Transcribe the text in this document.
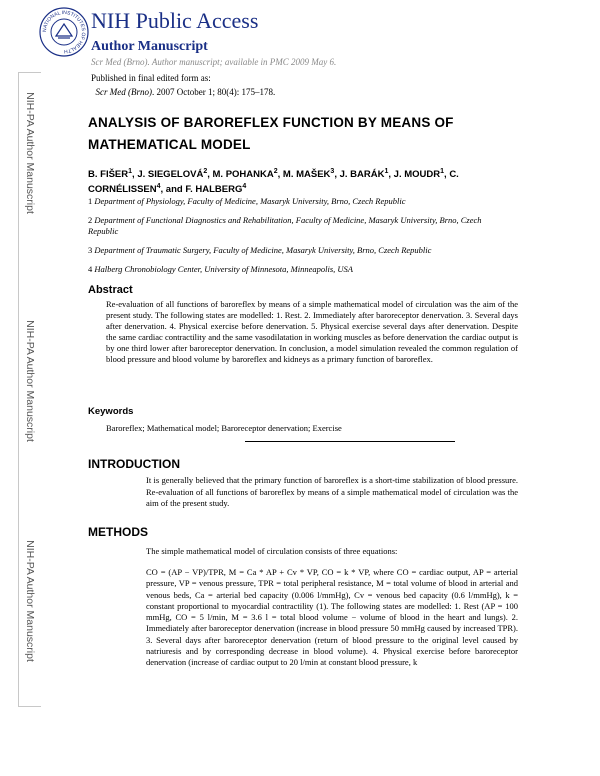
NIH-PA Author Manuscript
NIH-PA Author Manuscript
NIH-PA Author Manuscript
NATIONAL INSTITUTES OF HEALTH
NIH Public Access
Author Manuscript
Scr Med (Brno). Author manuscript; available in PMC 2009 May 6.
Published in final edited form as:
Scr Med (Brno). 2007 October 1; 80(4): 175–178.
ANALYSIS OF BAROREFLEX FUNCTION BY MEANS OF MATHEMATICAL MODEL
B. FIŠER$^1$, J. SIEGELOVÁ$^2$, M. POHANKA$^2$, M. MAŠEK$^3$, J. BARÁK$^1$, J. MOUDR$^1$, C. CORNÉLISSEN$^4$, and F. HALBERG$^4$
1 Department of Physiology, Faculty of Medicine, Masaryk University, Brno, Czech Republic
2 Department of Functional Diagnostics and Rehabilitation, Faculty of Medicine, Masaryk University, Brno, Czech Republic
3 Department of Traumatic Surgery, Faculty of Medicine, Masaryk University, Brno, Czech Republic
4 Halberg Chronobiology Center, University of Minnesota, Minneapolis, USA
Abstract

Re-evaluation of all functions of baroreflex by means of a simple mathematical model of circulation was the aim of the present study. The following states are modelled: 1. Rest. 2. Immediately after baroreceptor denervation. 3. Several days after denervation. 4. Physical exercise before denervation. 5. Physical exercise several days after denervation. Despite the same cardiac contractility and the same vasodilatation in working muscles as before denervation the cardiac output is by one third lower after baroreceptor denervation. In conclusion, a model simulation revealed the common regulation of blood pressure and blood volume by baroreflex and kidneys as a primary function of baroreflex.

Keywords
Baroreflex; Mathematical model; Baroreceptor denervation; Exercise
INTRODUCTION

It is generally believed that the primary function of baroreflex is a short-time stabilization of blood pressure. Re-evaluation of all functions of baroreflex by means of a simple mathematical model of circulation was the aim of the present study.

METHODS

The simple mathematical model of circulation consists of three equations:

CO = (AP − VP)/TPR, M = Ca * AP + Cv * VP, CO = k * VP, where CO = cardiac output, AP = arterial pressure, VP = venous pressure, TPR = total peripheral resistance, M = total volume of blood in arterial and venous beds, Ca = arterial bed capacity (0.006 l/mmHg), Cv = venous bed capacity (0.6 l/mmHg), k = constant proportional to myocardial contractility (1). The following states are modelled: 1. Rest (AP = 100 mmHg, CO = 5 l/min, M = 3.6 l = total blood volume − volume of blood in the heart and lungs). 2. Immediately after baroreceptor denervation (increase in blood pressure 50 mmHg caused by increased TPR). 3. Several days after baroreceptor denervation (return of blood pressure to the original level caused by natriuresis and by corresponding decrease in blood volume). 4. Physical exercise before baroreceptor denervation (increase of cardiac output to 20 l/min at constant blood pressure, k
